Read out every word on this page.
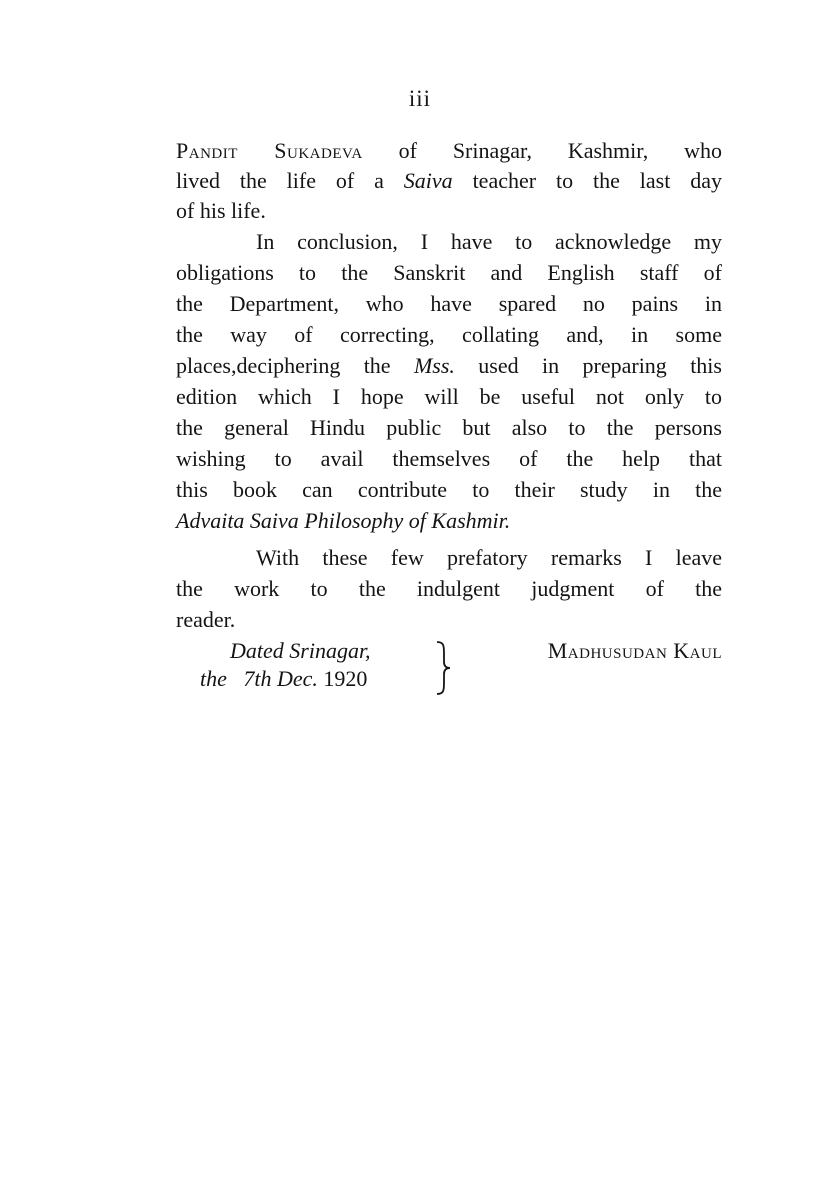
iii
Pandit Sukadeva of Srinagar, Kashmir, who
lived the life of a Saiva teacher to the last day
of his life.
In conclusion, I have to acknowledge my
obligations to the Sanskrit and English staff of
the Department, who have spared no pains in
the way of correcting, collating and, in some
places,deciphering the Mss. used in preparing this
edition which I hope will be useful not only to
the general Hindu public but also to the persons
wishing to avail themselves of the help that
this book can contribute to their study in the
Advaita Saiva Philosophy of Kashmir.
With these few prefatory remarks I leave
the work to the indulgent judgment of the
reader.
Dated Srinagar,
the 7th Dec. 1920
Madhusudan Kaul
